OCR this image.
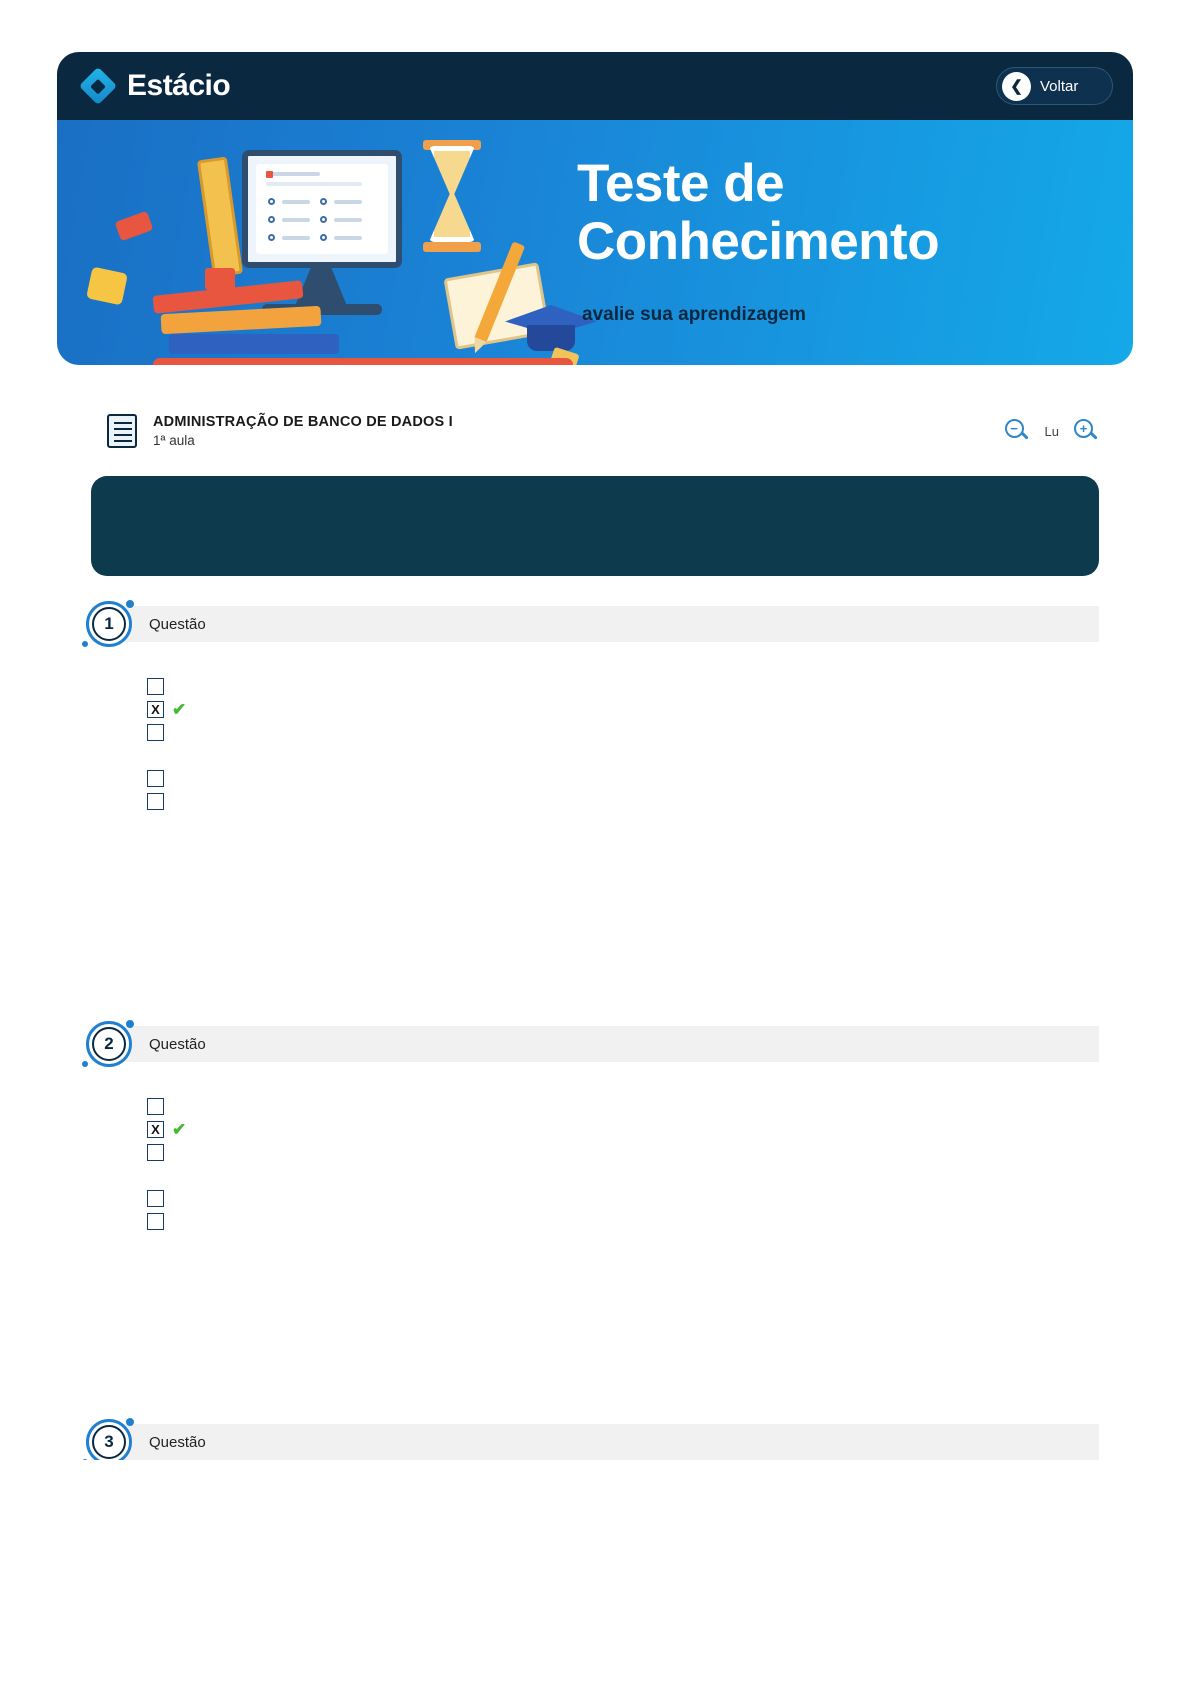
Estácio	❮	Voltar
Teste de
Conhecimento
avalie sua aprendizagem
ADMINISTRAÇÃO DE BANCO DE DADOS I
1ª aula
−	Lu	+
1	Questão
X ✔
2	Questão
X ✔
3	Questão
